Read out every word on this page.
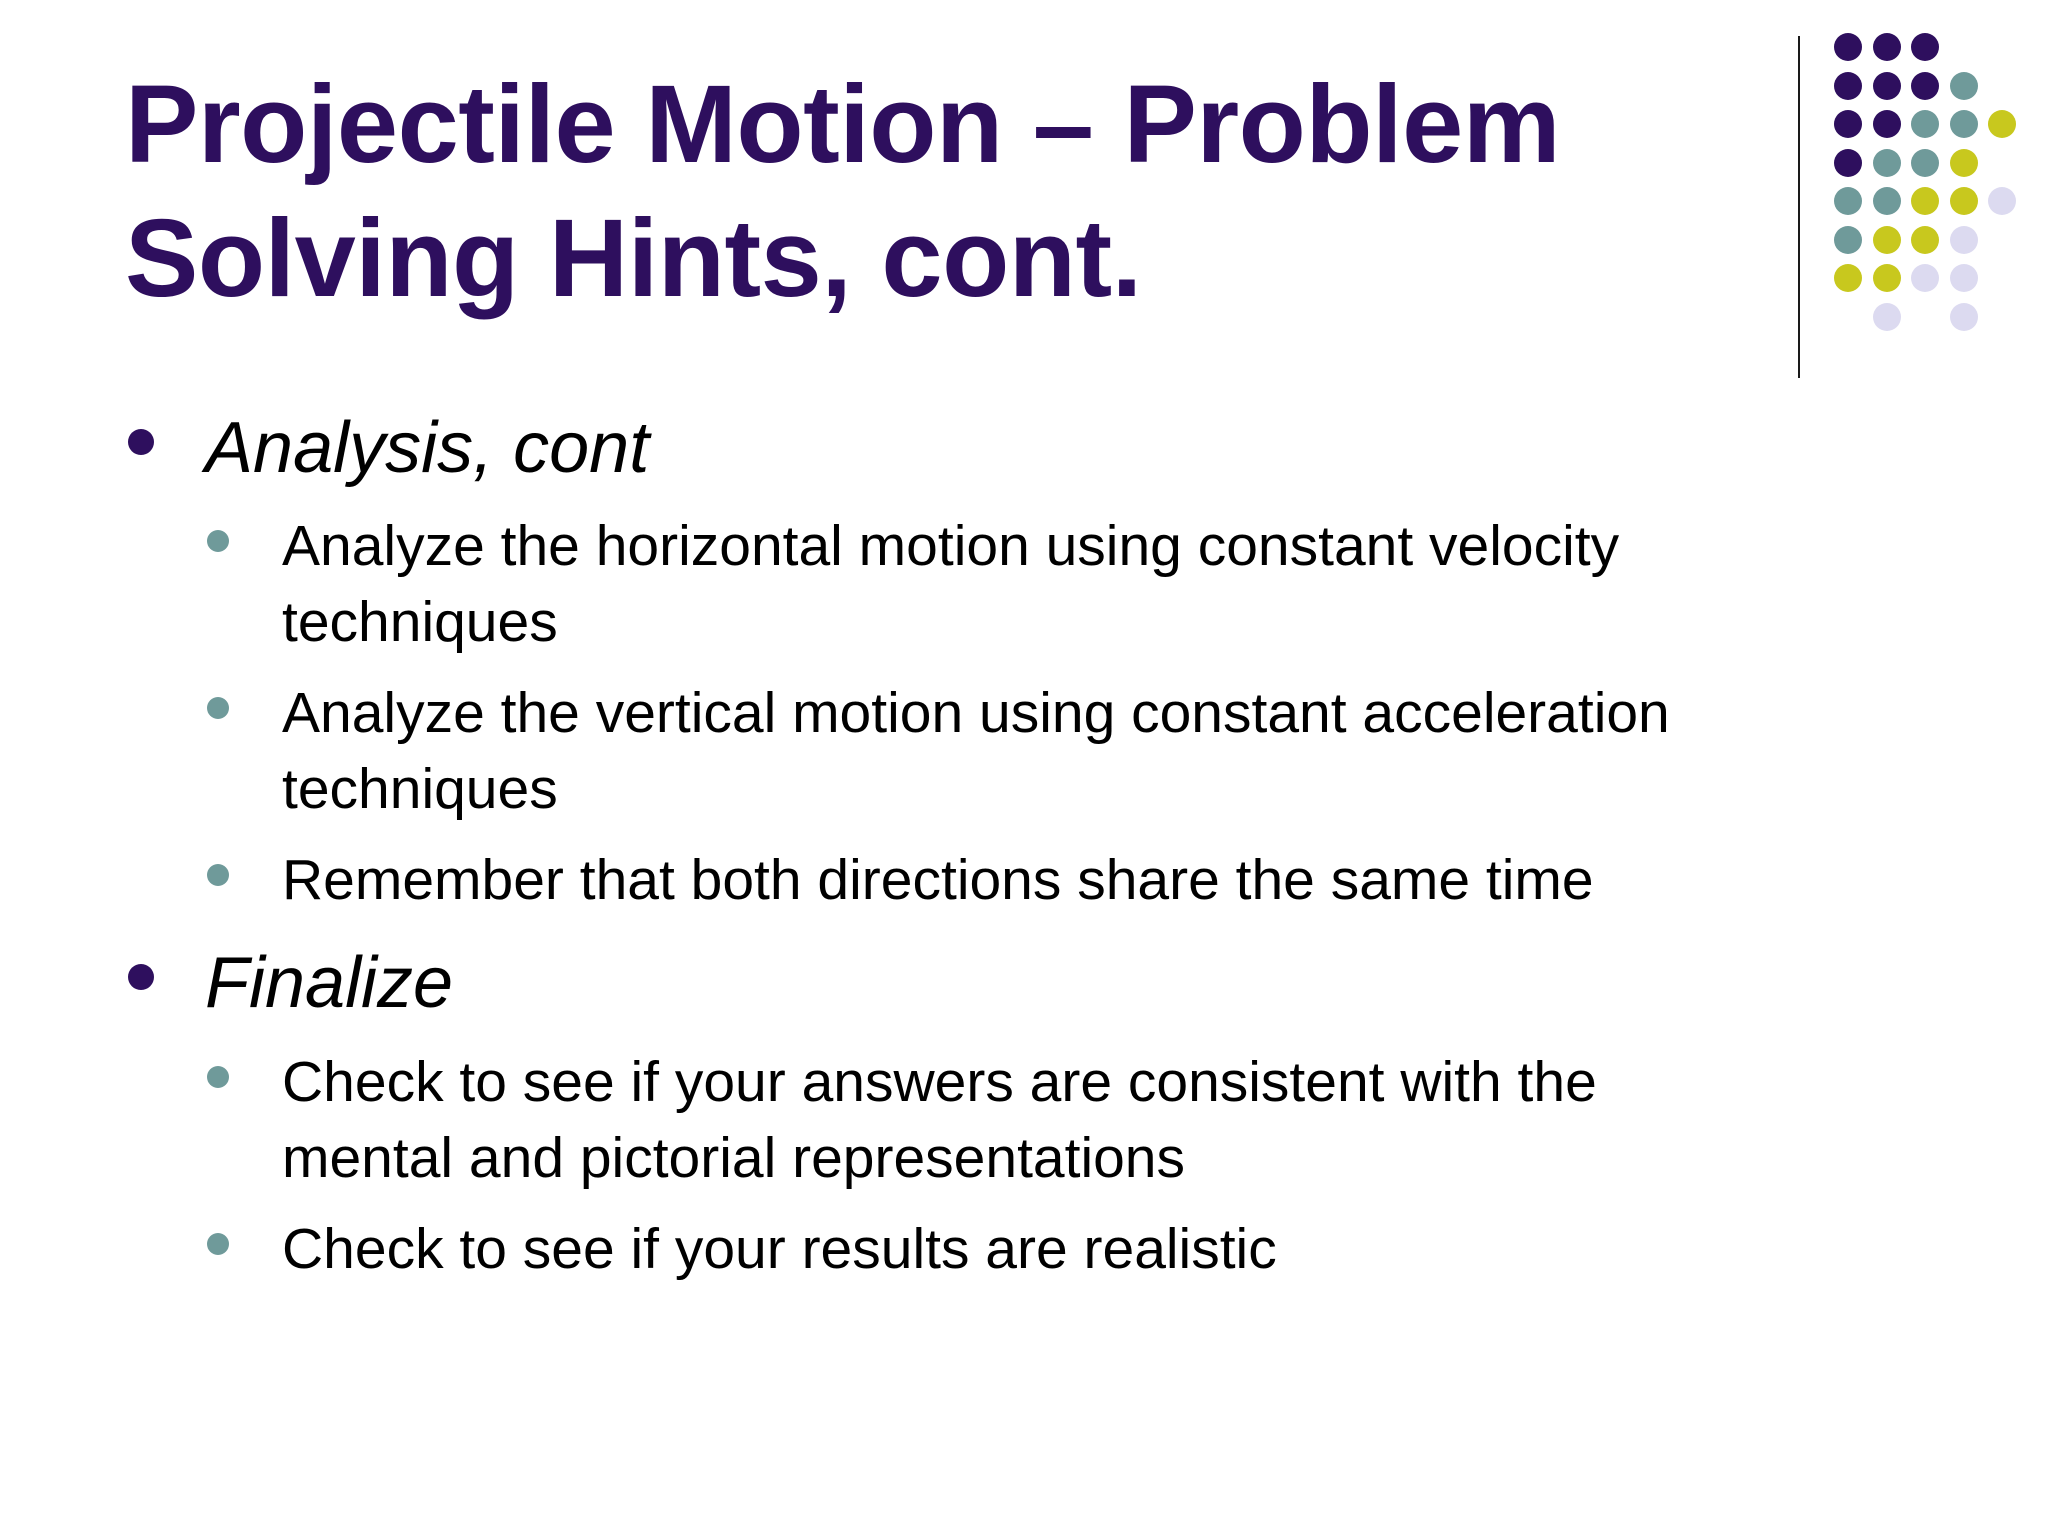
Projectile Motion – Problem
Solving Hints, cont.
Analysis, cont
Analyze the horizontal motion using constant velocity
techniques
Analyze the vertical motion using constant acceleration
techniques
Remember that both directions share the same time
Finalize
Check to see if your answers are consistent with the
mental and pictorial representations
Check to see if your results are realistic
